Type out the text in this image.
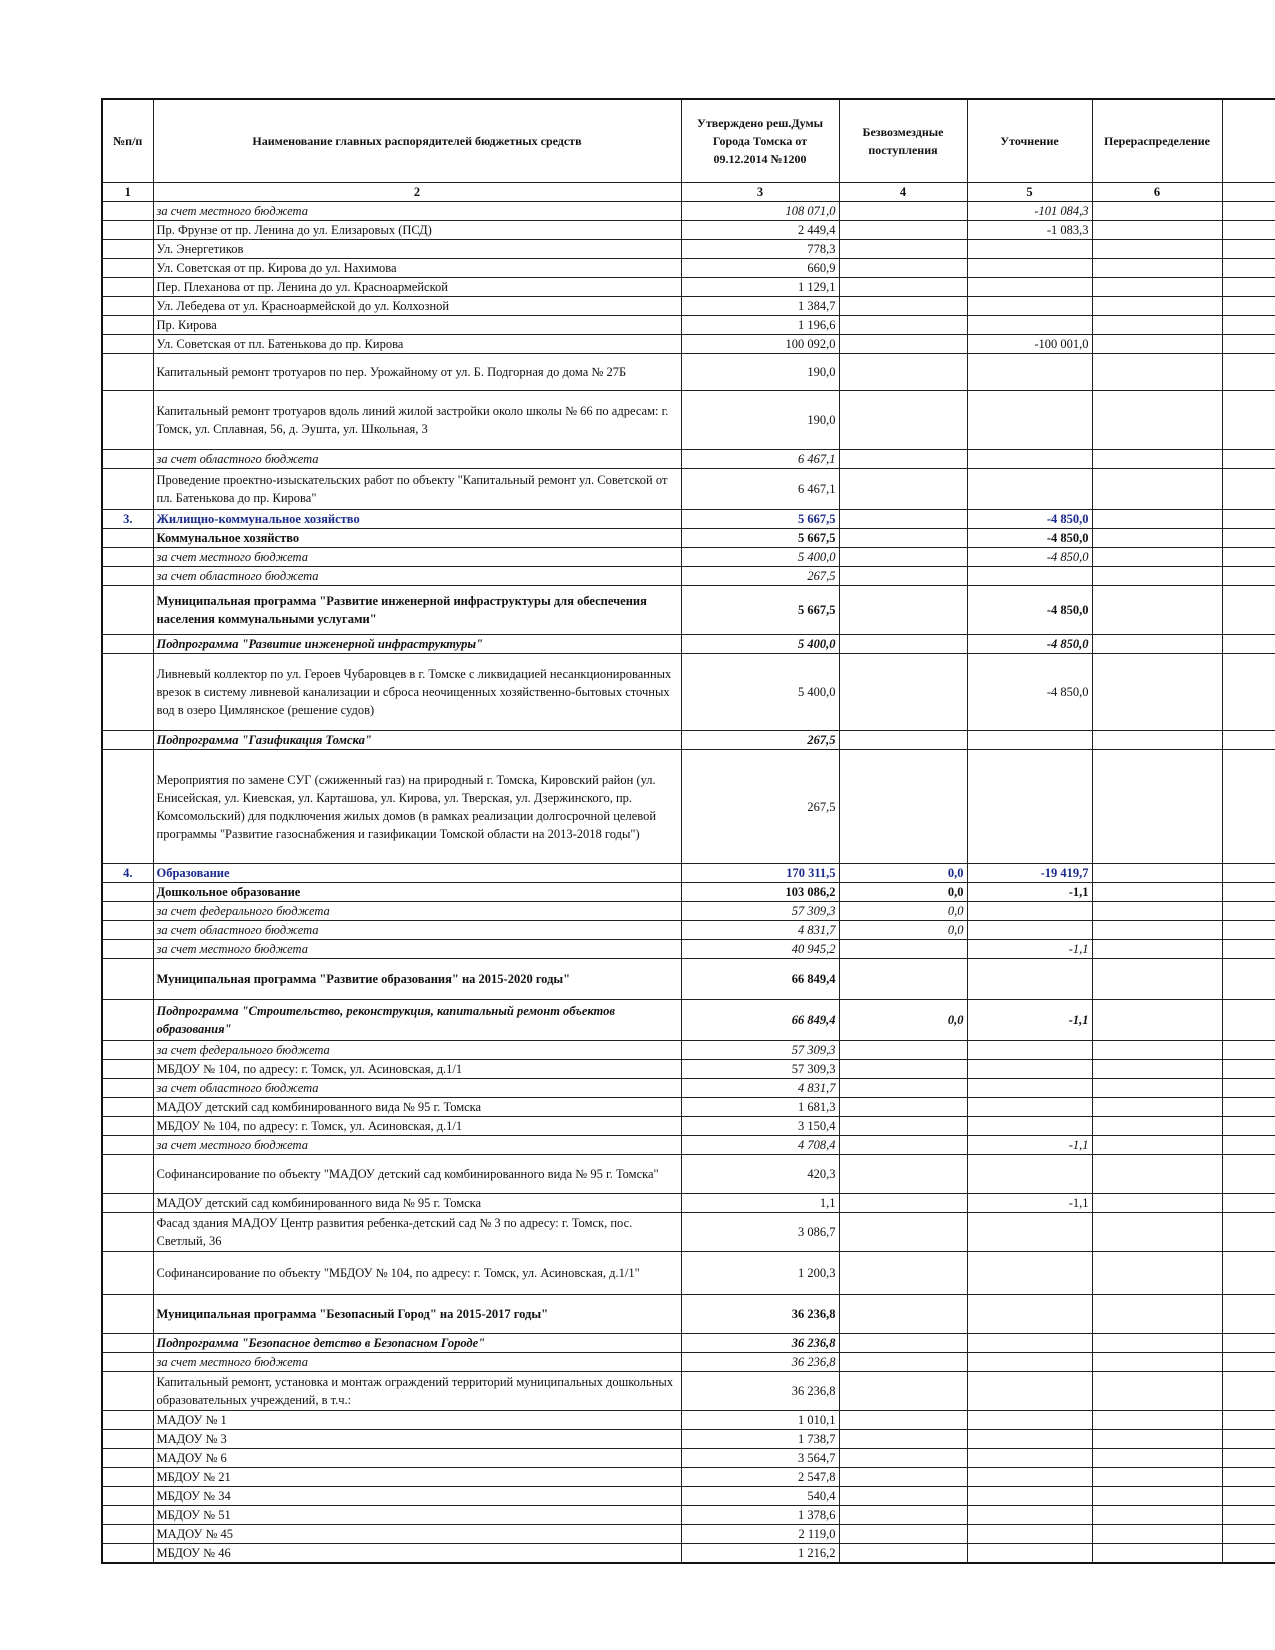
№п/п	Наименование главных распорядителей бюджетных средств	Утверждено реш.Думы Города Томска от 09.12.2014 №1200	Безвозмездные поступления	Уточнение	Перераспределение	
1	2	3	4	5	6	
	за счет местного бюджета	108 071,0		-101 084,3		
	Пр. Фрунзе от пр. Ленина до ул. Елизаровых (ПСД)	2 449,4		-1 083,3		
	Ул. Энергетиков	778,3				
	Ул. Советская от пр. Кирова до ул. Нахимова	660,9				
	Пер. Плеханова от пр. Ленина до ул. Красноармейской	1 129,1				
	Ул. Лебедева от ул. Красноармейской до ул. Колхозной	1 384,7				
	Пр. Кирова	1 196,6				
	Ул. Советская от пл. Батенькова до пр. Кирова	100 092,0		-100 001,0		
	Капитальный ремонт тротуаров по пер. Урожайному от ул. Б. Подгорная до дома № 27Б	190,0				
	Капитальный ремонт тротуаров вдоль линий жилой застройки около школы № 66 по адресам: г. Томск, ул. Сплавная, 56, д. Эушта, ул. Школьная, 3	190,0				
	за счет областного бюджета	6 467,1				
	Проведение проектно-изыскательских работ по объекту "Капитальный ремонт ул. Советской от пл. Батенькова до пр. Кирова"	6 467,1				
3.	Жилищно-коммунальное хозяйство	5 667,5		-4 850,0		
	Коммунальное хозяйство	5 667,5		-4 850,0		
	за счет местного бюджета	5 400,0		-4 850,0		
	за счет областного бюджета	267,5				
	Муниципальная программа "Развитие инженерной инфраструктуры для обеспечения населения коммунальными услугами"	5 667,5		-4 850,0		
	Подпрограмма "Развитие инженерной инфраструктуры"	5 400,0		-4 850,0		
	Ливневый коллектор по ул. Героев Чубаровцев в г. Томске с ликвидацией несанкционированных врезок в систему ливневой канализации и сброса неочищенных хозяйственно-бытовых сточных вод в озеро Цимлянское (решение судов)	5 400,0		-4 850,0		
	Подпрограмма "Газификация Томска"	267,5				
	Мероприятия по замене СУГ (сжиженный газ) на природный г. Томска, Кировский район (ул. Енисейская, ул. Киевская, ул. Карташова, ул. Кирова, ул. Тверская, ул. Дзержинского, пр. Комсомольский) для подключения жилых домов (в рамках реализации долгосрочной целевой программы "Развитие газоснабжения и газификации Томской области на 2013-2018 годы")	267,5				
4.	Образование	170 311,5	0,0	-19 419,7		
	Дошкольное образование	103 086,2	0,0	-1,1		
	за счет федерального бюджета	57 309,3	0,0			
	за счет областного бюджета	4 831,7	0,0			
	за счет местного бюджета	40 945,2		-1,1		
	Муниципальная программа "Развитие образования" на 2015-2020 годы"	66 849,4				
	Подпрограмма "Строительство, реконструкция, капитальный ремонт объектов образования"	66 849,4	0,0	-1,1		
	за счет федерального бюджета	57 309,3				
	МБДОУ № 104, по адресу: г. Томск, ул. Асиновская, д.1/1	57 309,3				
	за счет областного бюджета	4 831,7				
	МАДОУ детский сад комбинированного вида № 95 г. Томска	1 681,3				
	МБДОУ № 104, по адресу: г. Томск, ул. Асиновская, д.1/1	3 150,4				
	за счет местного бюджета	4 708,4		-1,1		
	Софинансирование по объекту "МАДОУ детский сад комбинированного вида № 95 г. Томска"	420,3				
	МАДОУ детский сад комбинированного вида № 95 г. Томска	1,1		-1,1		
	Фасад здания МАДОУ Центр развития ребенка-детский сад № 3 по адресу: г. Томск, пос. Светлый, 36	3 086,7				
	Софинансирование по объекту "МБДОУ № 104, по адресу: г. Томск, ул. Асиновская, д.1/1"	1 200,3				
	Муниципальная программа "Безопасный Город" на 2015-2017 годы"	36 236,8				
	Подпрограмма "Безопасное детство в Безопасном Городе"	36 236,8				
	за счет местного бюджета	36 236,8				
	Капитальный ремонт, установка и монтаж ограждений территорий муниципальных дошкольных образовательных учреждений, в т.ч.:	36 236,8				
	МАДОУ № 1	1 010,1				
	МАДОУ № 3	1 738,7				
	МАДОУ № 6	3 564,7				
	МБДОУ № 21	2 547,8				
	МБДОУ № 34	540,4				
	МБДОУ № 51	1 378,6				
	МАДОУ № 45	2 119,0				
	МБДОУ № 46	1 216,2				
